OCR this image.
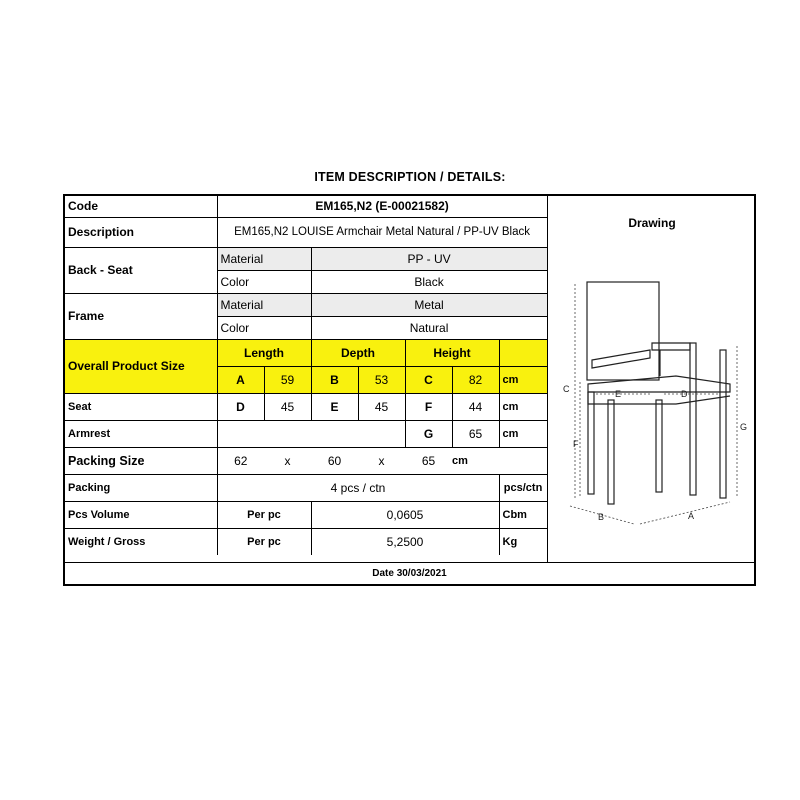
ITEM DESCRIPTION / DETAILS:
Code	EM165,N2 (E-00021582)						
Description	EM165,N2 LOUISE Armchair Metal Natural / PP-UV Black						
Back - Seat	Material		PP - UV				
	Color		Black				
Frame	Material		Metal				
	Color		Natural				
Overall Product Size	Length		Depth		Height		
	A	59	B	53	C	82	cm
Seat	D	45	E	45	F	44	cm
Armrest					G	65	cm
Packing Size	62	x	60	x	65	cm	
Packing	4 pcs / ctn						pcs/ctn
Pcs Volume	Per pc		0,0605				Cbm
Weight / Gross	Per pc		5,2500				Kg
Drawing
C
F
G
E	D
B	A
Date 30/03/2021
